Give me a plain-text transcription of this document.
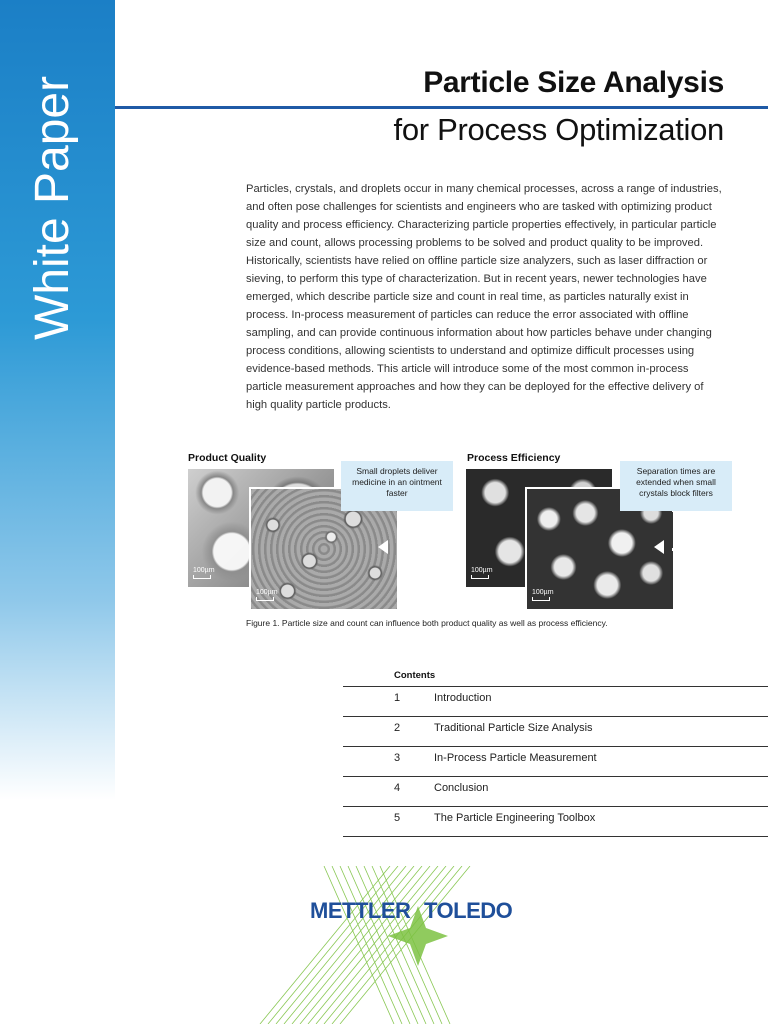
White Paper	Particle Size Analysis
for Process Optimization
Particles, crystals, and droplets occur in many chemical processes, across a range of industries, and often pose challenges for scientists and engineers who are tasked with optimizing product quality and process efficiency. Characterizing particle properties effectively, in particular particle size and count, allows processing problems to be solved and product quality to be improved. Historically, scientists have relied on offline particle size analyzers, such as laser diffraction or sieving, to perform this type of characterization. But in recent years, newer technologies have emerged, which describe particle size and count in real time, as particles naturally exist in process. In-process measurement of particles can reduce the error associated with offline sampling, and can provide continuous information about how particles behave under changing process conditions, allowing scientists to understand and optimize difficult processes using evidence-based methods. This article will introduce some of the most common in-process particle measurement approaches and how they can be deployed for the effective delivery of high quality particle products.
Product Quality
100µm
100µm
Small droplets deliver medicine in an ointment faster
Process Efficiency
100µm
100µm
Separation times are extended when small crystals block filters
Figure 1. Particle size and count can influence both product quality as well as process efficiency.
Contents
1	Introduction
2	Traditional Particle Size Analysis
3	In-Process Particle Measurement
4	Conclusion
5	The Particle Engineering Toolbox
METTLER TOLEDO
